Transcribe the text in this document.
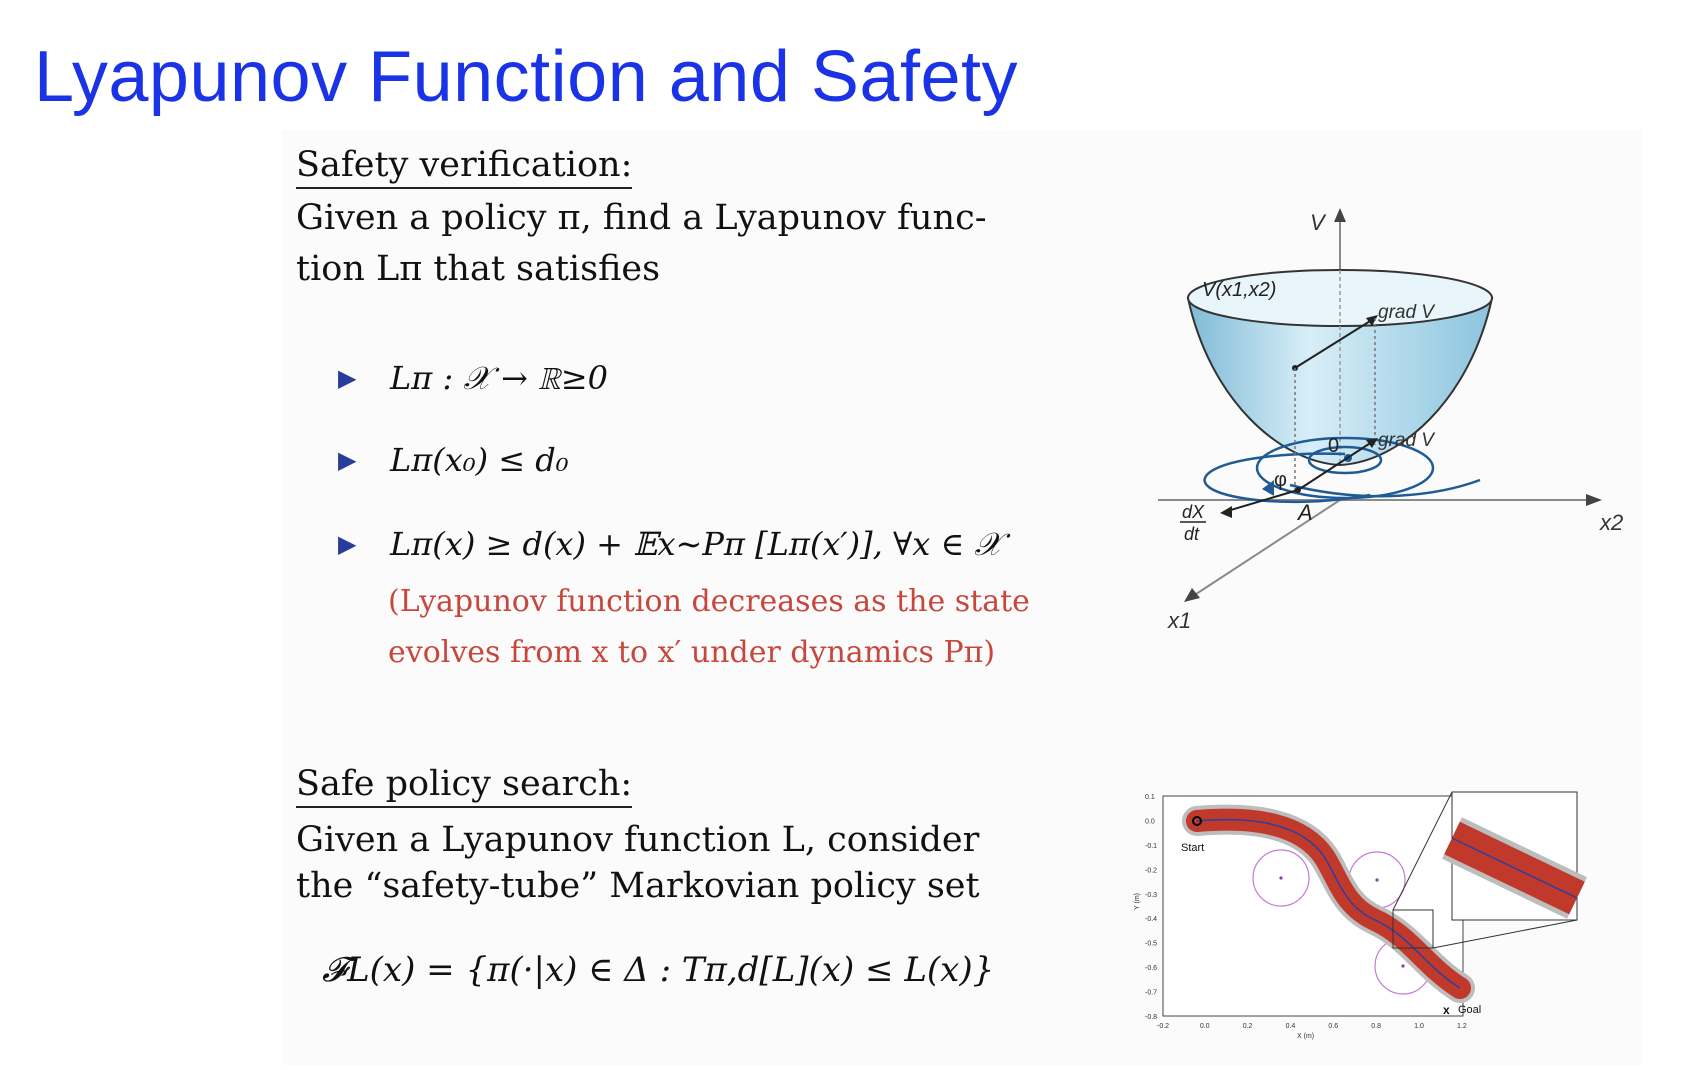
Lyapunov Function and Safety
Safety verification:
Given a policy π, find a Lyapunov func-
tion Lπ that satisfies
▶ Lπ : 𝒳 → ℝ≥0
▶ Lπ(x₀) ≤ d₀
▶ Lπ(x) ≥ d(x) + 𝔼x∼Pπ [Lπ(x′)], ∀x ∈ 𝒳
(Lyapunov function decreases as the state
evolves from x to x′ under dynamics Pπ)
Safe policy search:
Given a Lyapunov function L, consider
the “safety-tube” Markovian policy set
𝓕L(x) = {π(·|x) ∈ Δ : Tπ,d[L](x) ≤ L(x)}
V
V(x1,x2)
x2
x1
0
grad V
grad V
φ
A
dX
dt
Start
x Goal
-0.2	0.0	0.2	0.4	0.6	0.8	1.0	1.2
0.1
0.0
-0.1
-0.2
-0.3
-0.4
-0.5
-0.6
-0.7
-0.8
X (m)
Y (m)
